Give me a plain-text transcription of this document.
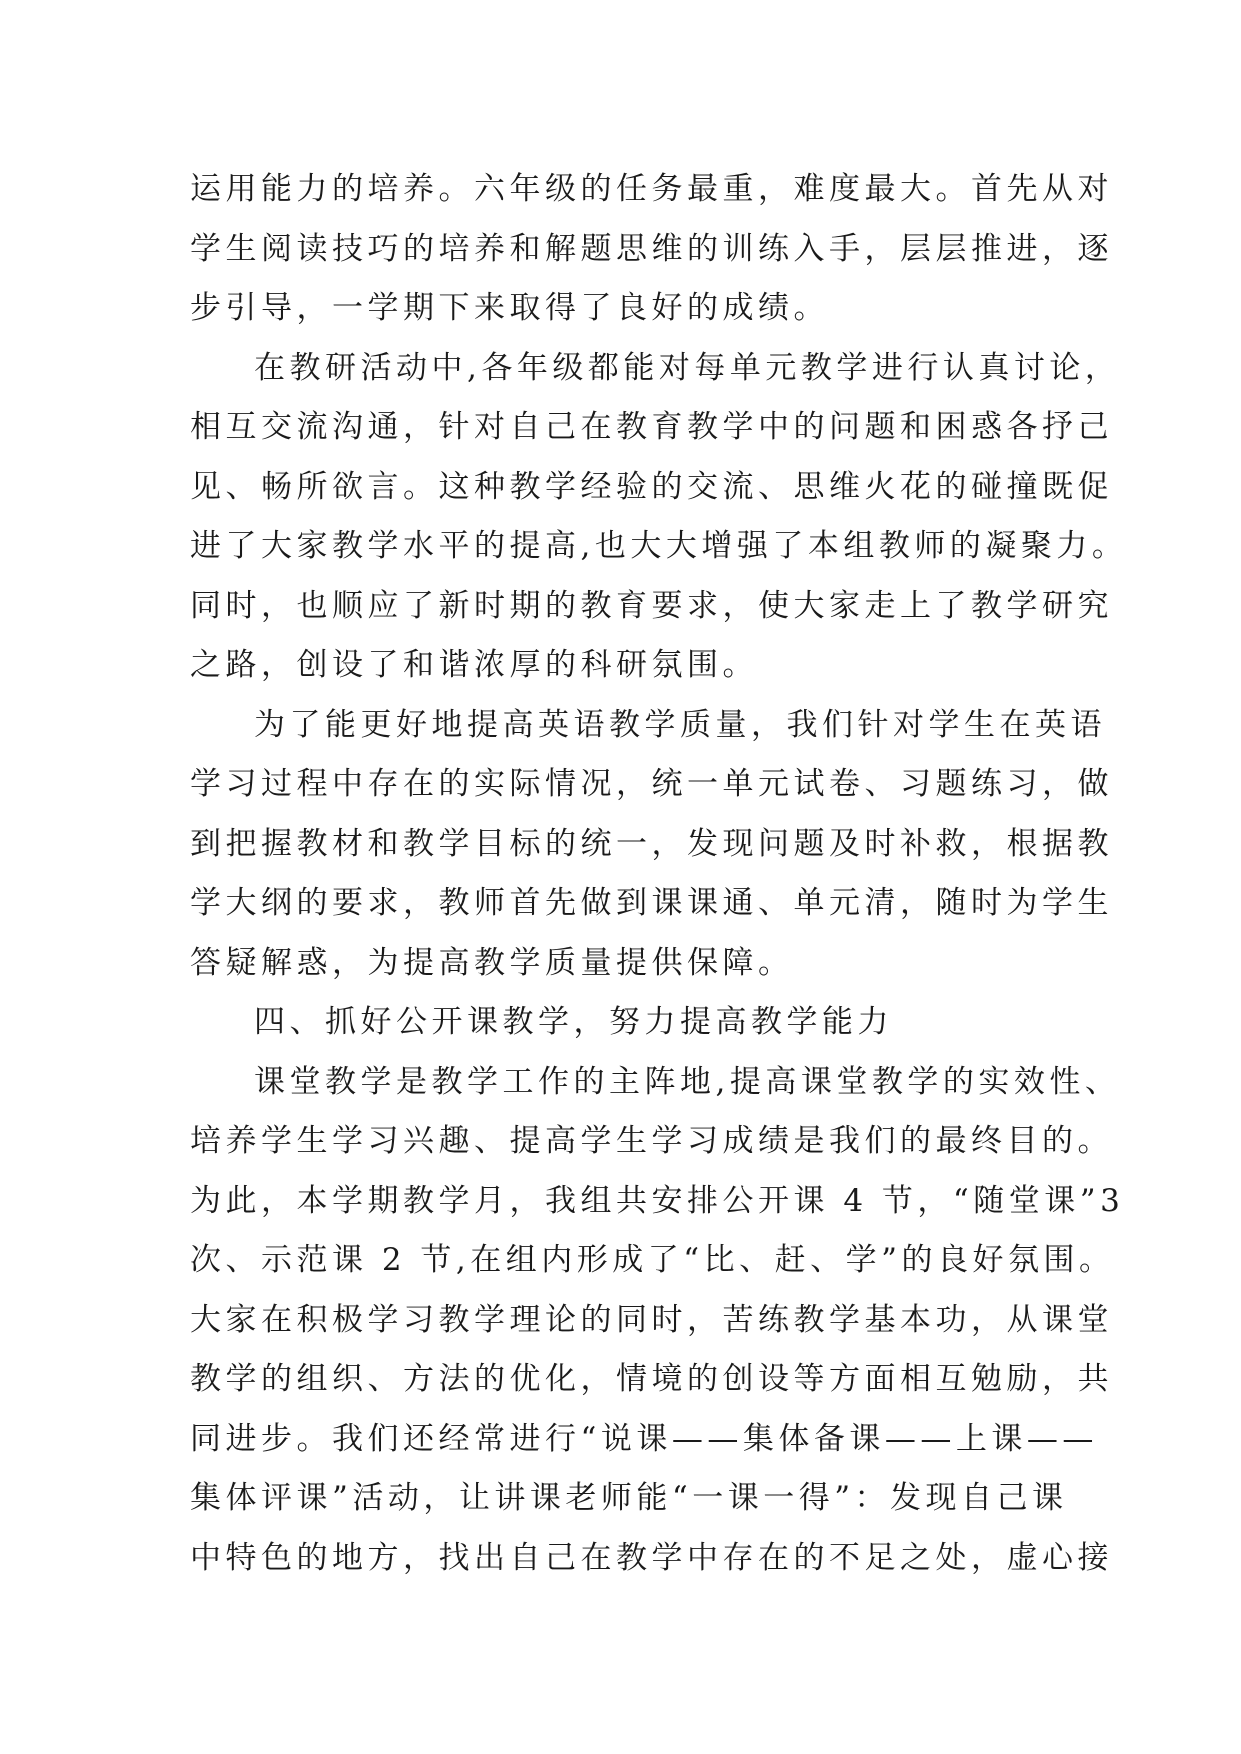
运用能力的培养。六年级的任务最重，难度最大。首先从对
学生阅读技巧的培养和解题思维的训练入手，层层推进，逐
步引导，一学期下来取得了良好的成绩。
在教研活动中,各年级都能对每单元教学进行认真讨论，
相互交流沟通，针对自己在教育教学中的问题和困惑各抒己
见、畅所欲言。这种教学经验的交流、思维火花的碰撞既促
进了大家教学水平的提高,也大大增强了本组教师的凝聚力。
同时，也顺应了新时期的教育要求，使大家走上了教学研究
之路，创设了和谐浓厚的科研氛围。
为了能更好地提高英语教学质量，我们针对学生在英语
学习过程中存在的实际情况，统一单元试卷、习题练习，做
到把握教材和教学目标的统一，发现问题及时补救，根据教
学大纲的要求，教师首先做到课课通、单元清，随时为学生
答疑解惑，为提高教学质量提供保障。
四、抓好公开课教学，努力提高教学能力
课堂教学是教学工作的主阵地,提高课堂教学的实效性、
培养学生学习兴趣、提高学生学习成绩是我们的最终目的。
为此，本学期教学月，我组共安排公开课 4 节，“随堂课”3
次、示范课 2 节,在组内形成了“比、赶、学”的良好氛围。
大家在积极学习教学理论的同时，苦练教学基本功，从课堂
教学的组织、方法的优化，情境的创设等方面相互勉励，共
同进步。我们还经常进行“说课——集体备课——上课——
集体评课”活动，让讲课老师能“一课一得”：发现自己课
中特色的地方，找出自己在教学中存在的不足之处，虚心接
